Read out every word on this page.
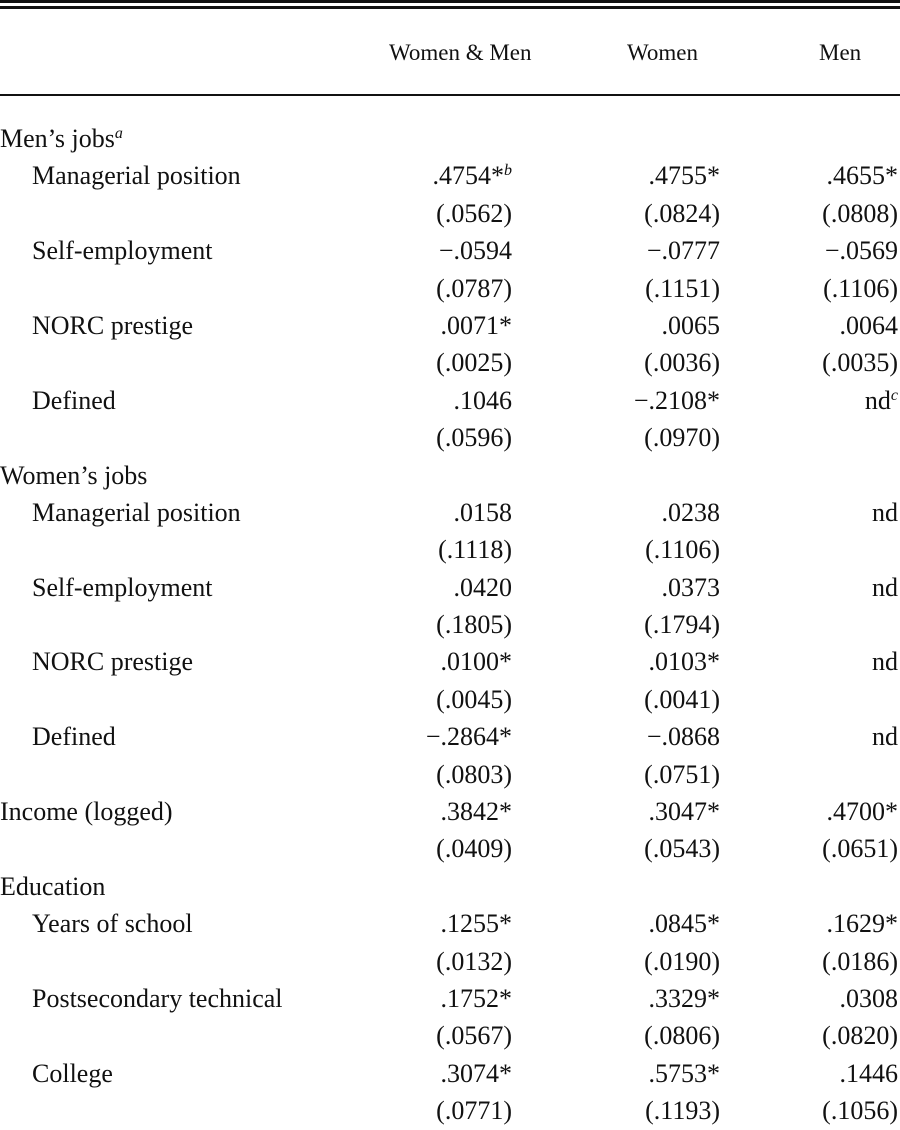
Women & Men	Women	Men
Men’s jobs$^a$
Managerial position	.4754*$^b$	.4755*	.4655*
(.0562)	(.0824)	(.0808)
Self-employment	−.0594	−.0777	−.0569
(.0787)	(.1151)	(.1106)
NORC prestige	.0071*	.0065	.0064
(.0025)	(.0036)	(.0035)
Defined	.1046	−.2108*	$nd^c$
(.0596)	(.0970)
Women’s jobs
Managerial position	.0158	.0238	nd
(.1118)	(.1106)
Self-employment	.0420	.0373	nd
(.1805)	(.1794)
NORC prestige	.0100*	.0103*	nd
(.0045)	(.0041)
Defined	−.2864*	−.0868	nd
(.0803)	(.0751)
Income (logged)	.3842*	.3047*	.4700*
(.0409)	(.0543)	(.0651)
Education
Years of school	.1255*	.0845*	.1629*
(.0132)	(.0190)	(.0186)
Postsecondary technical	.1752*	.3329*	.0308
(.0567)	(.0806)	(.0820)
College	.3074*	.5753*	.1446
(.0771)	(.1193)	(.1056)
